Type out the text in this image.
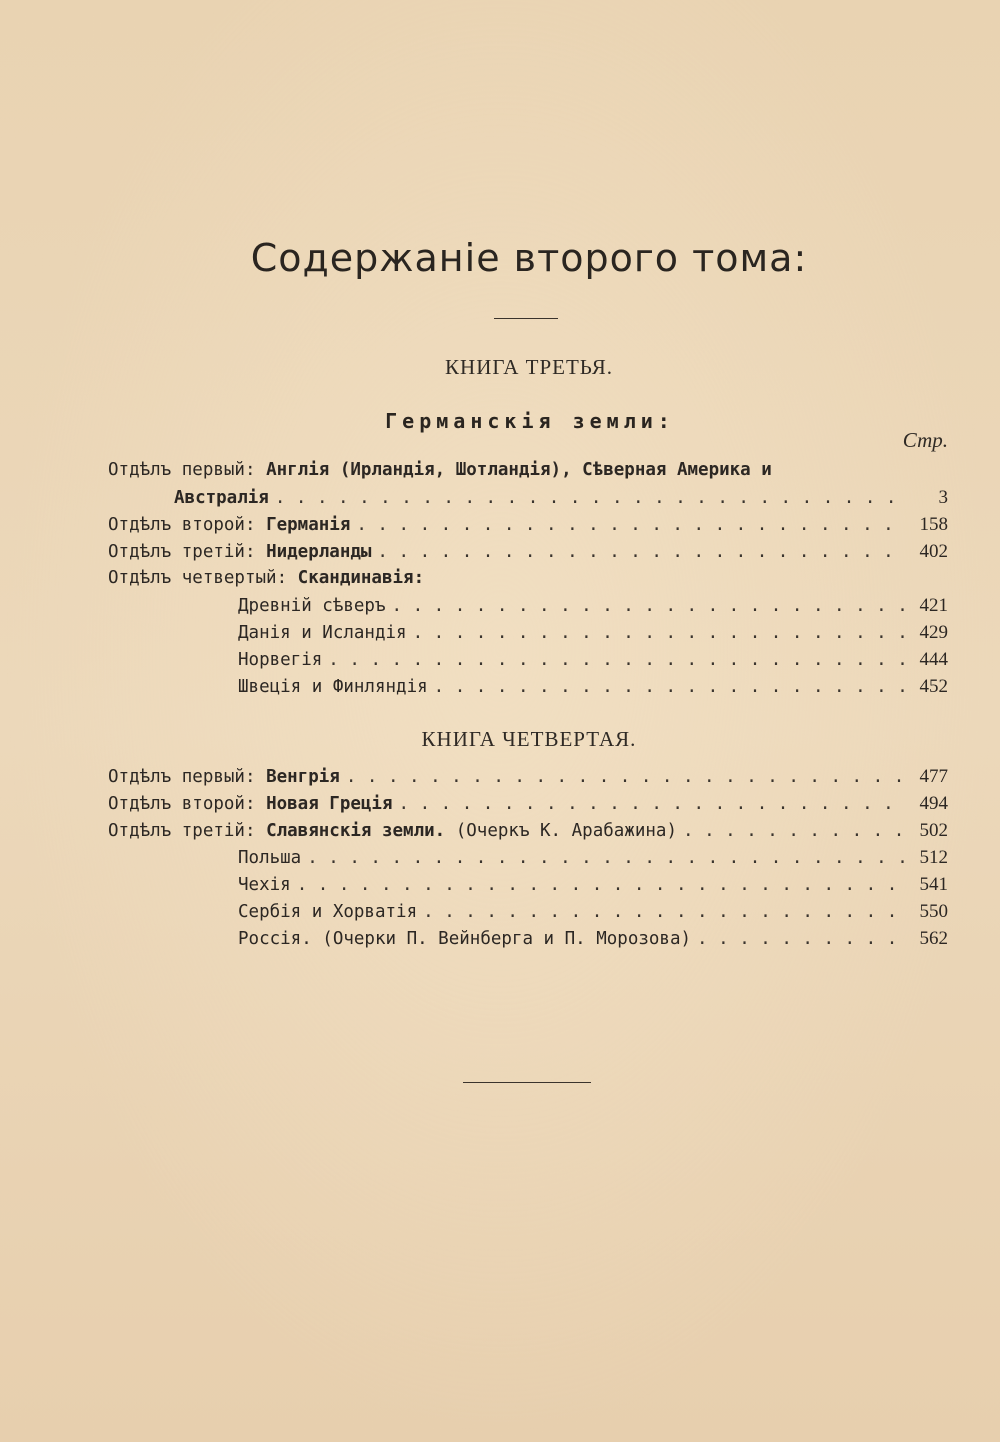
Содержаніе второго тома:
КНИГА ТРЕТЬЯ.
Германскія земли:
Стр.
Отдѣлъ первый: Англія (Ирландія, Шотландія), Сѣверная Америка и
Австралія . . .	3
Отдѣлъ второй: Германія . . .	158
Отдѣлъ третій: Нидерланды . . .	402
Отдѣлъ четвертый: Скандинавія:
Древній сѣверъ . . .	421
Данія и Исландія . . .	429
Норвегія . . .	444
Швеція и Финляндія . . .	452
КНИГА ЧЕТВЕРТАЯ.
Отдѣлъ первый: Венгрія . . .	477
Отдѣлъ второй: Новая Греція . . .	494
Отдѣлъ третій: Славянскія земли. (Очеркъ К. Арабажина) . . .	502
Польша . . .	512
Чехія . . .	541
Сербія и Хорватія . . .	550
Россія. (Очерки П. Вейнберга и П. Морозова) . . .	562
